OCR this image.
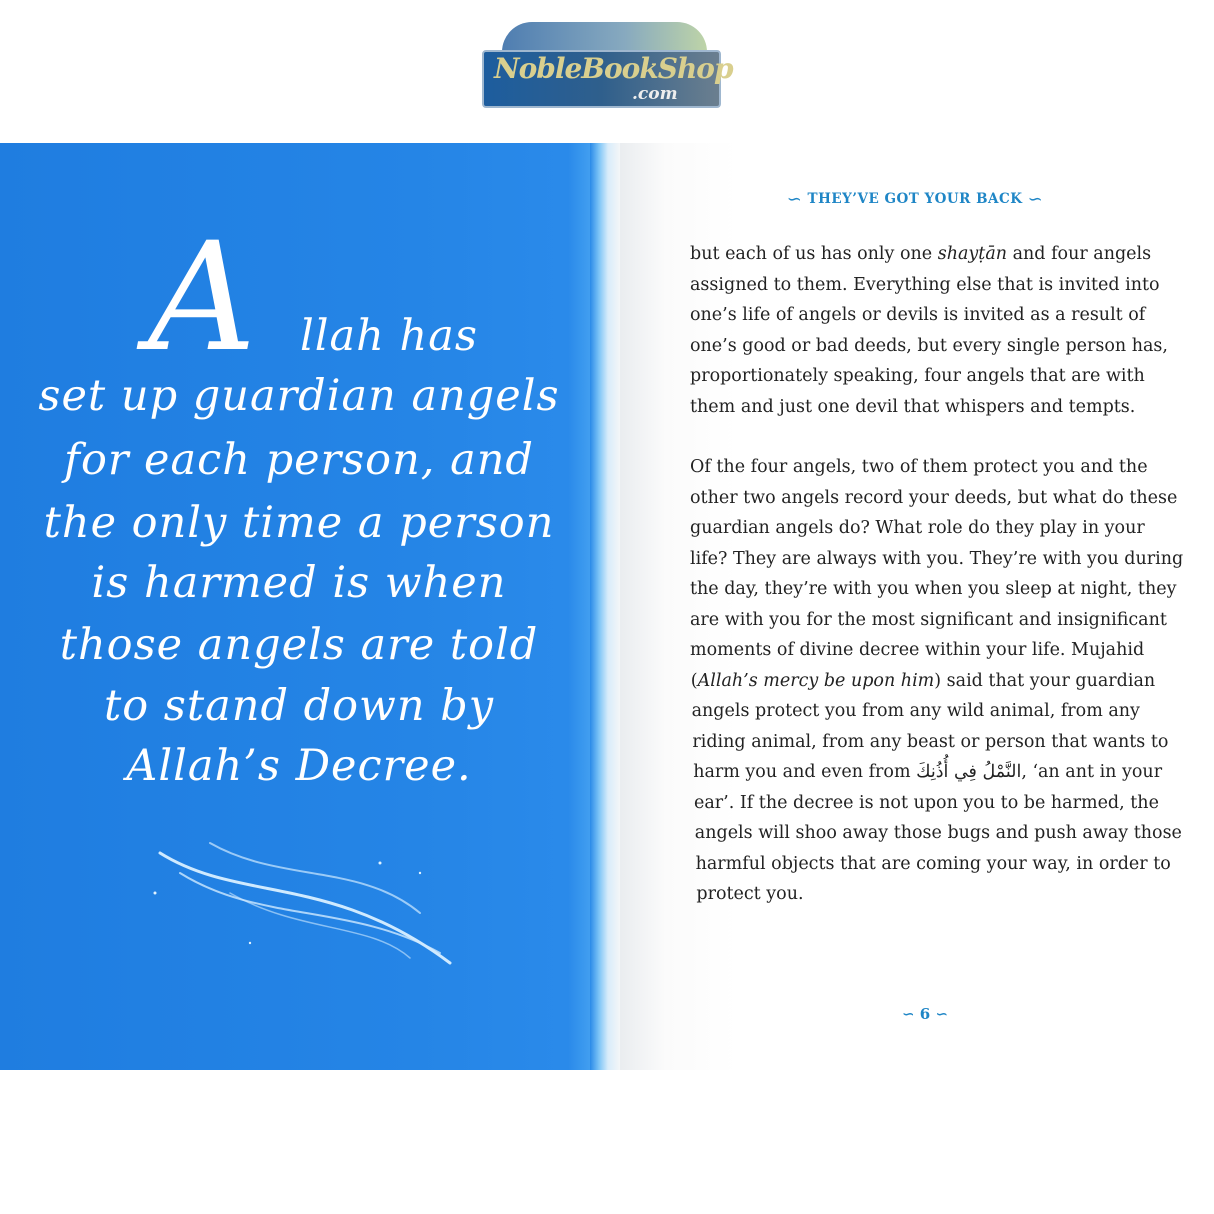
A llah has
set up guardian angels
for each person, and
the only time a person
is harmed is when
those angels are told
to stand down by
Allah’s Decree.
∽ THEY’VE GOT YOUR BACK ∽
but each of us has only one shayṭān and four angels
assigned to them. Everything else that is invited into
one’s life of angels or devils is invited as a result of
one’s good or bad deeds, but every single person has,
proportionately speaking, four angels that are with
them and just one devil that whispers and tempts.
Of the four angels, two of them protect you and the
other two angels record your deeds, but what do these
guardian angels do? What role do they play in your
life? They are always with you. They’re with you during
the day, they’re with you when you sleep at night, they
are with you for the most significant and insignificant
moments of divine decree within your life. Mujahid
(Allah’s mercy be upon him) said that your guardian
angels protect you from any wild animal, from any
riding animal, from any beast or person that wants to
harm you and even from النَّمْلُ فِي أُذُنِكَ, ‘an ant in your
ear’. If the decree is not upon you to be harmed, the
angels will shoo away those bugs and push away those
harmful objects that are coming your way, in order to
protect you.
∽ 6 ∽
NobleBookShop
.com
